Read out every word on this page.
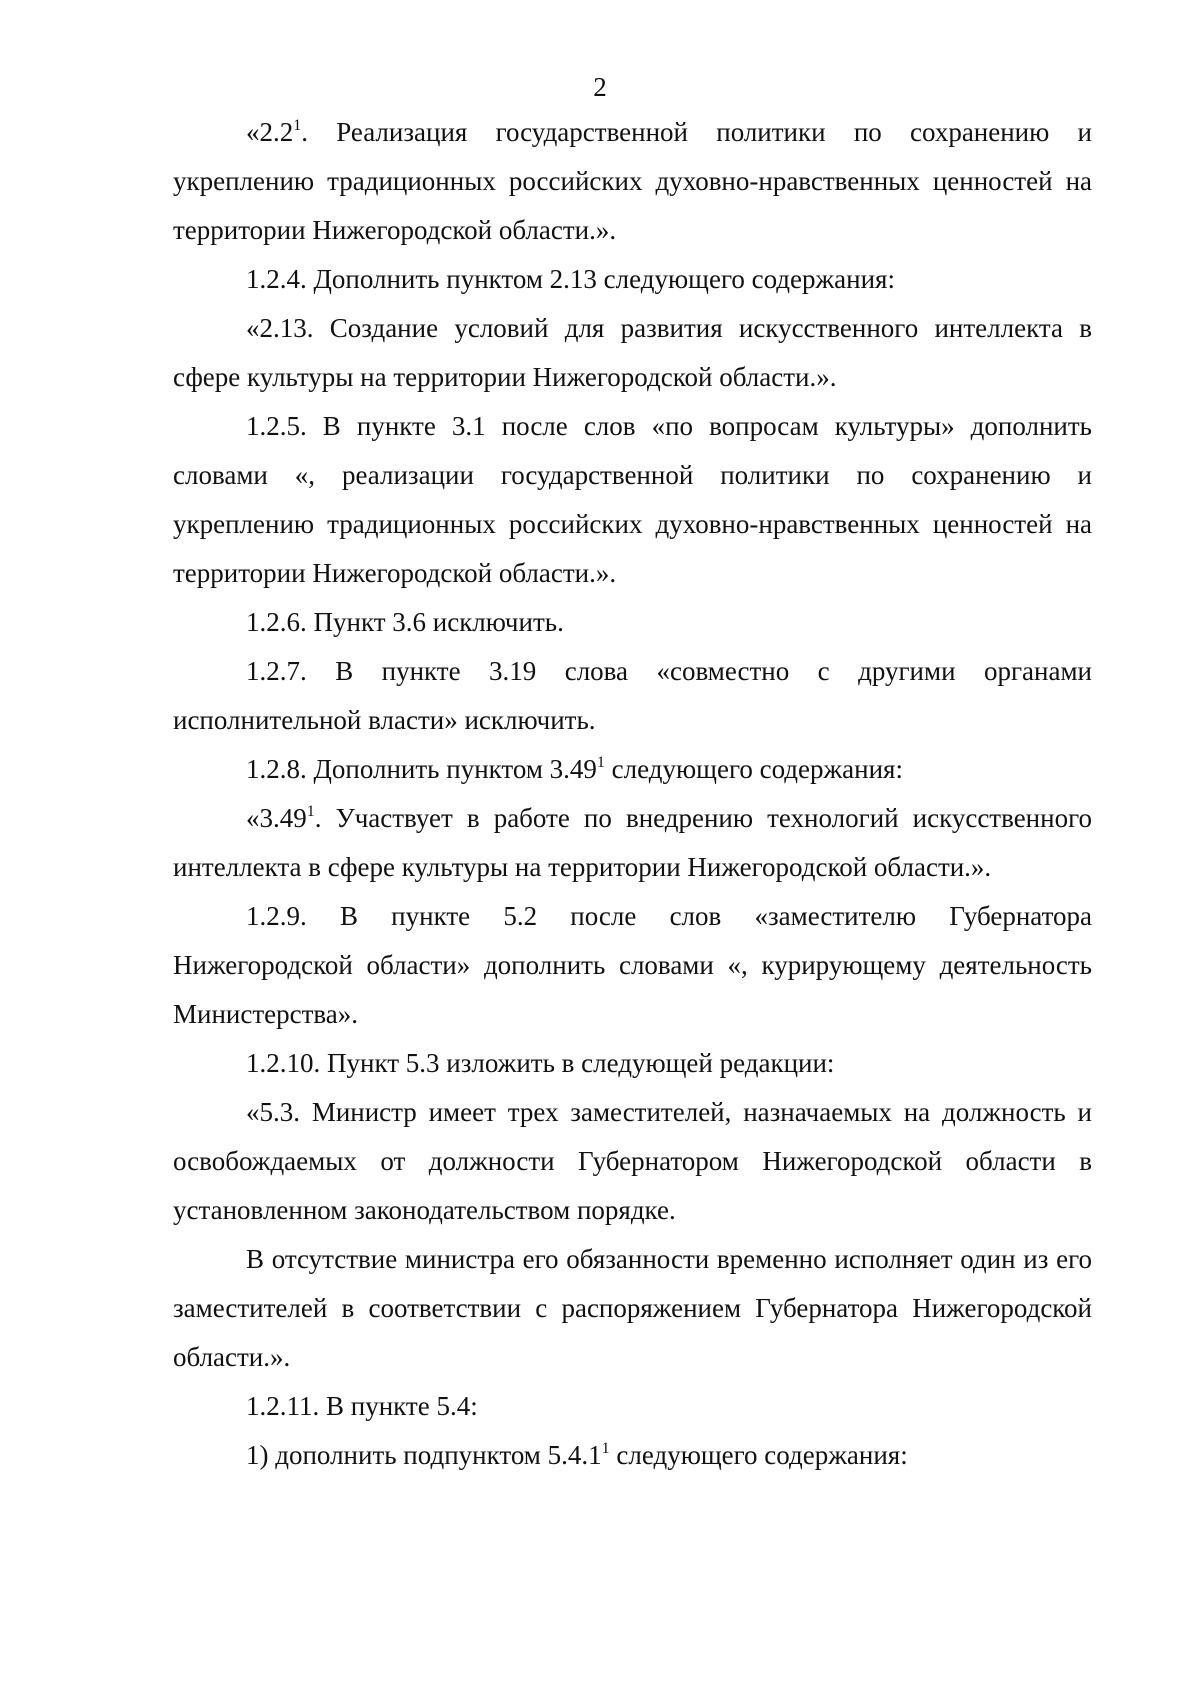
2

«$2.2^1$. Реализация государственной политики по сохранению и укреплению традиционных российских духовно-нравственных ценностей на территории Нижегородской области.».

1.2.4. Дополнить пунктом 2.13 следующего содержания:

«2.13. Создание условий для развития искусственного интеллекта в сфере культуры на территории Нижегородской области.».

1.2.5. В пункте 3.1 после слов «по вопросам культуры» дополнить словами «, реализации государственной политики по сохранению и укреплению традиционных российских духовно-нравственных ценностей на территории Нижегородской области.».

1.2.6. Пункт 3.6 исключить.

1.2.7. В пункте 3.19 слова «совместно с другими органами исполнительной власти» исключить.

1.2.8. Дополнить пунктом 3.49$^1$ следующего содержания:

«3.49$^1$. Участвует в работе по внедрению технологий искусственного интеллекта в сфере культуры на территории Нижегородской области.».

1.2.9. В пункте 5.2 после слов «заместителю Губернатора Нижегородской области» дополнить словами «, курирующему деятельность Министерства».

1.2.10. Пункт 5.3 изложить в следующей редакции:

«5.3. Министр имеет трех заместителей, назначаемых на должность и освобождаемых от должности Губернатором Нижегородской области в установленном законодательством порядке.

В отсутствие министра его обязанности временно исполняет один из его заместителей в соответствии с распоряжением Губернатора Нижегородской области.».

1.2.11. В пункте 5.4:

1) дополнить подпунктом 5.4.1$^1$ следующего содержания:
